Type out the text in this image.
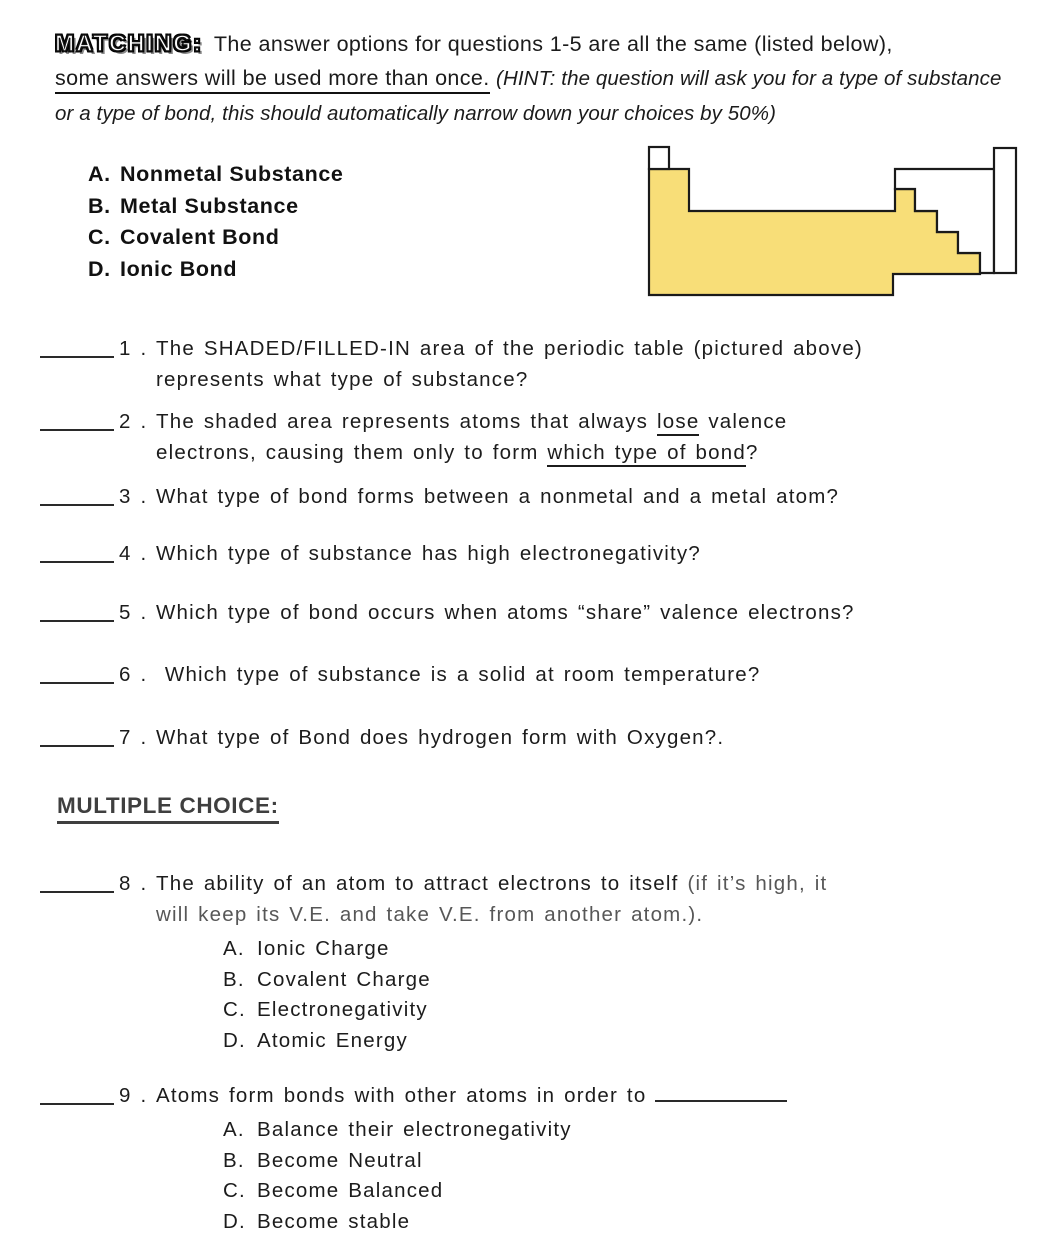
MATCHING: The answer options for questions 1-5 are all the same (listed below),
some answers will be used more than once. (HINT: the question will ask you for a type of substance or a type of bond, this should automatically narrow down your choices by 50%)

A. Nonmetal Substance
B. Metal Substance
C. Covalent Bond
D. Ionic Bond
1 . The SHADED/FILLED-IN area of the periodic table (pictured above)
represents what type of substance?
2 . The shaded area represents atoms that always lose valence
electrons, causing them only to form which type of bond?
3 . What type of bond forms between a nonmetal and a metal atom?
4 . Which type of substance has high electronegativity?
5 . Which type of bond occurs when atoms “share” valence electrons?
6 . Which type of substance is a solid at room temperature?
7 . What type of Bond does hydrogen form with Oxygen?.
MULTIPLE CHOICE:
8 . The ability of an atom to attract electrons to itself (if it’s high, it
will keep its V.E. and take V.E. from another atom.).
A. Ionic Charge
B. Covalent Charge
C. Electronegativity
D. Atomic Energy
9 . Atoms form bonds with other atoms in order to
A. Balance their electronegativity
B. Become Neutral
C. Become Balanced
D. Become stable
